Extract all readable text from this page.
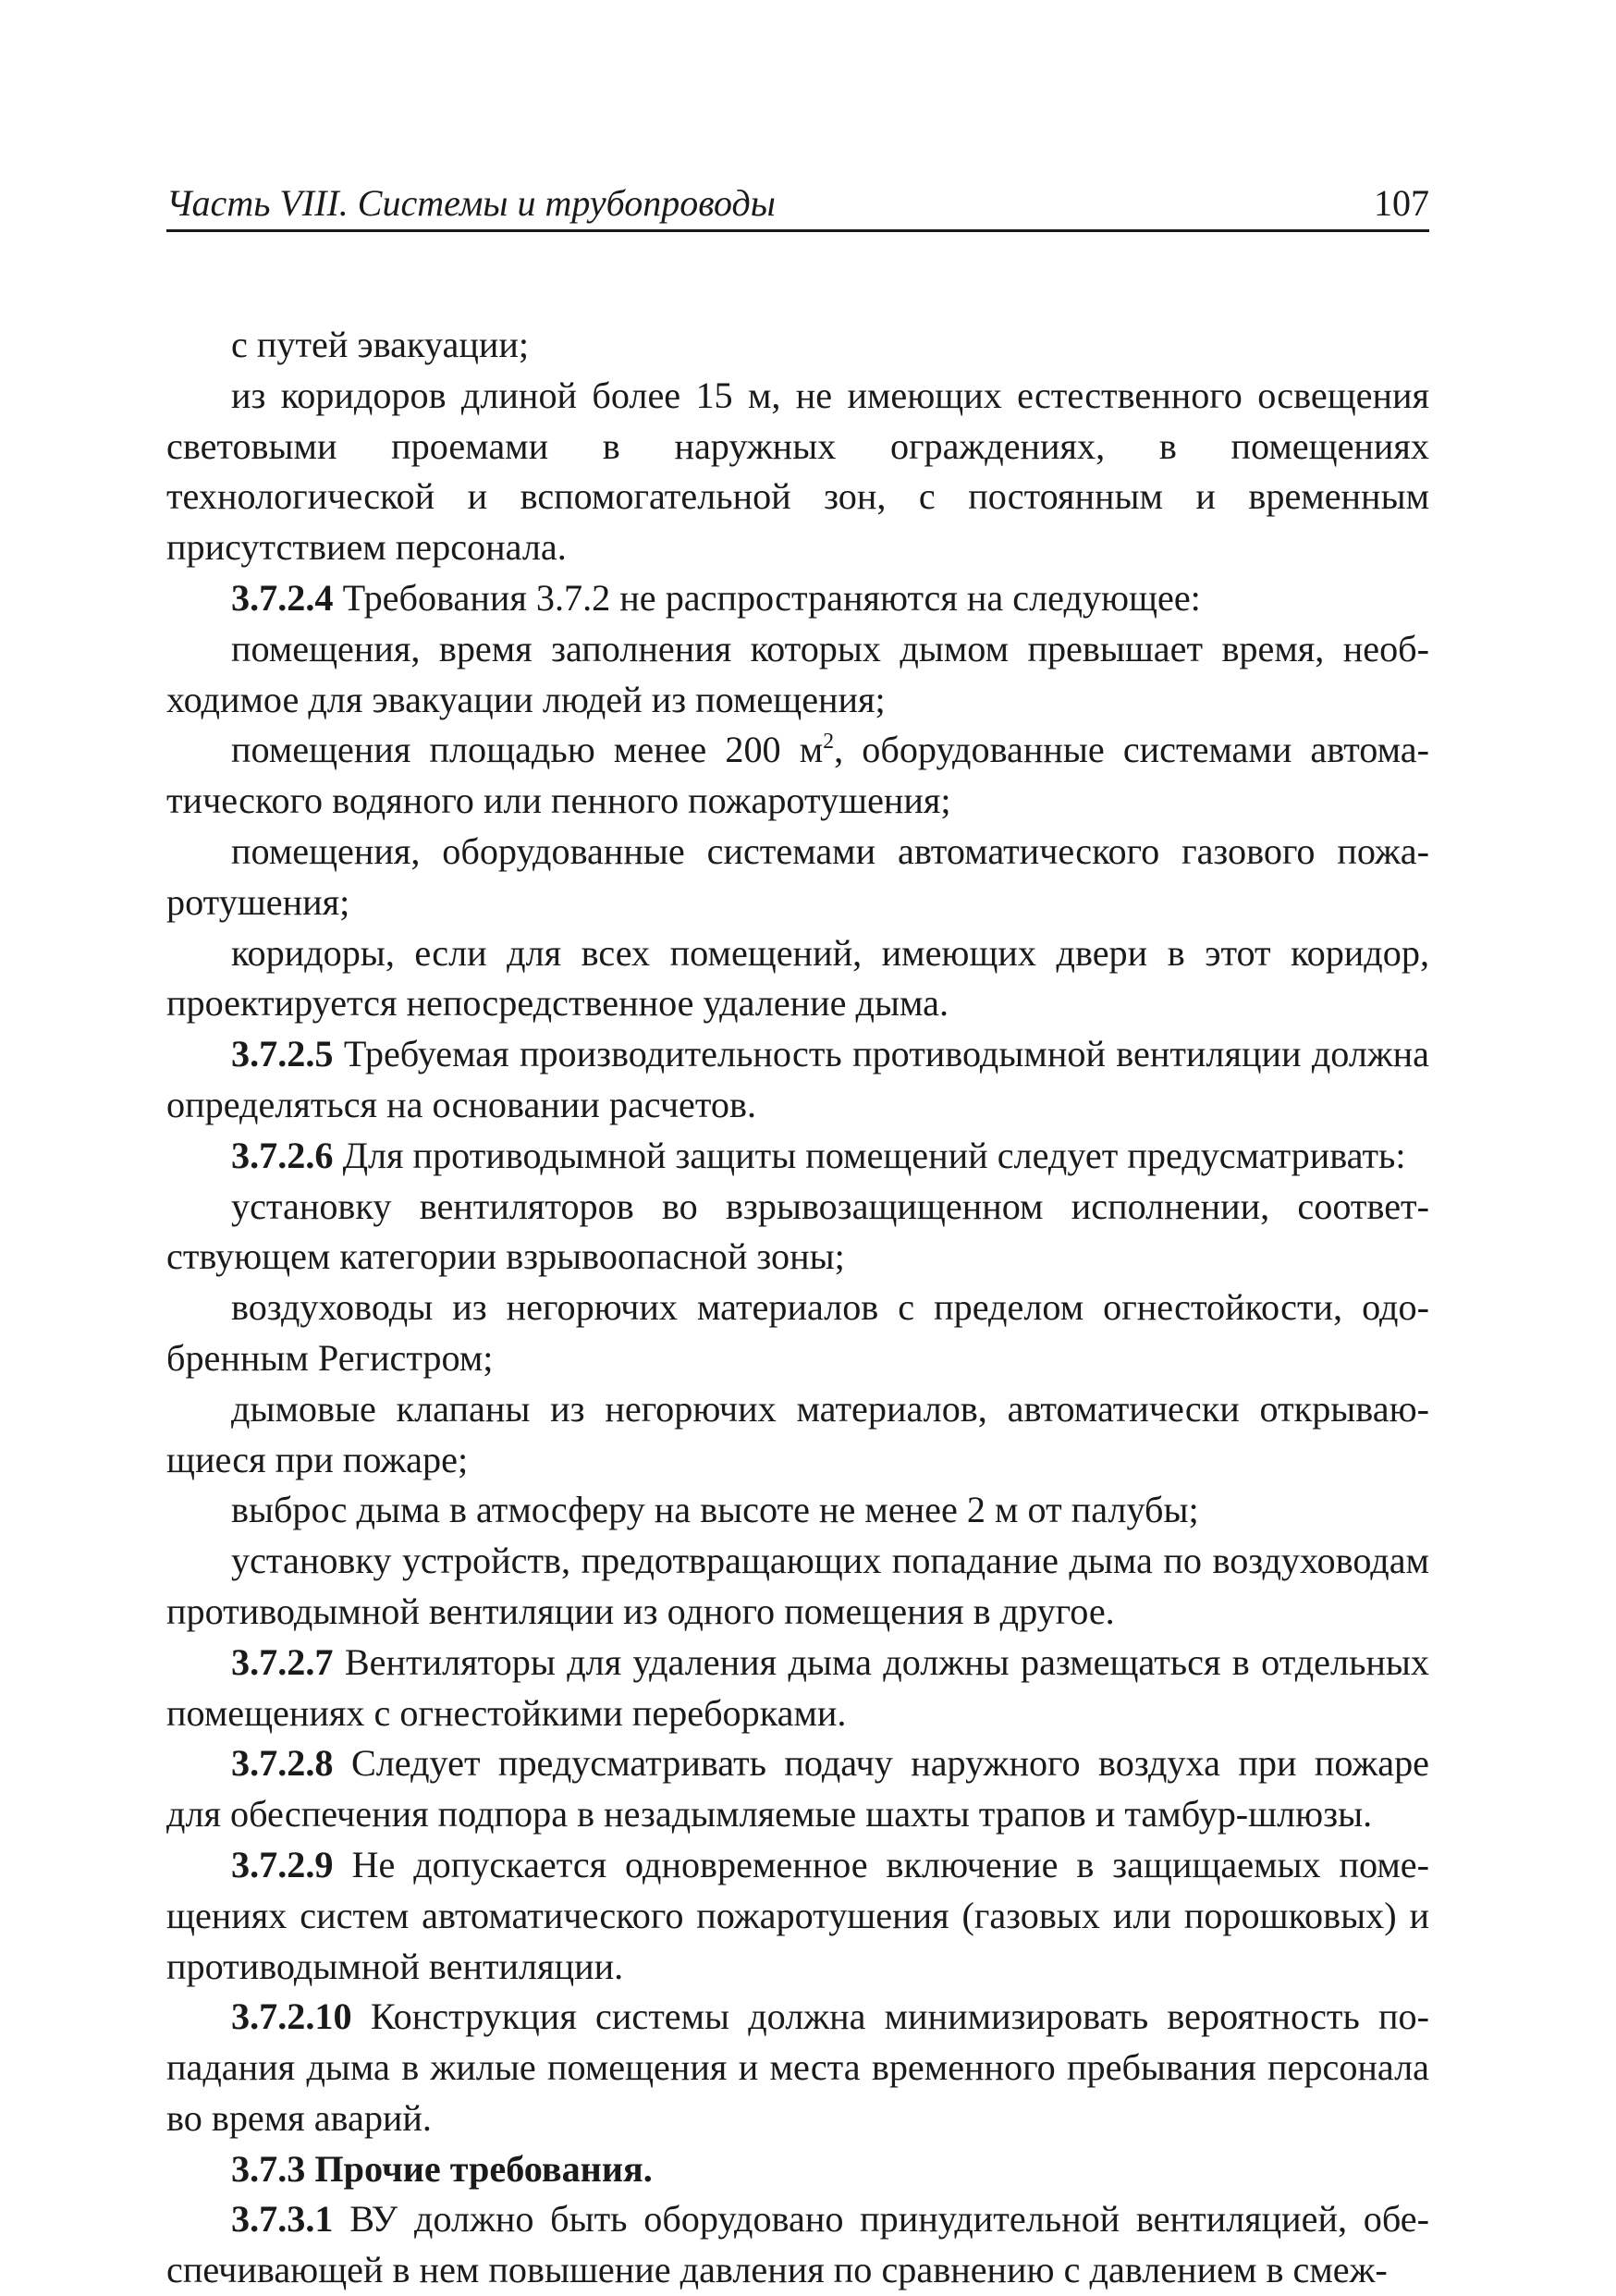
Часть VIII. Системы и трубопроводы	107

с путей эвакуации;

из коридоров длиной более 15 м, не имеющих естественного освещения световыми проемами в наружных ограждениях, в помещениях технологической и вспомогательной зон, с постоянным и временным присутствием персонала.

3.7.2.4 Требования 3.7.2 не распространяются на следующее:

помещения, время заполнения которых дымом превышает время, необходимое для эвакуации людей из помещения;

помещения площадью менее 200 $м^2$, оборудованные системами автоматического водяного или пенного пожаротушения;

помещения, оборудованные системами автоматического газового пожаротушения;

коридоры, если для всех помещений, имеющих двери в этот коридор, проектируется непосредственное удаление дыма.

3.7.2.5 Требуемая производительность противодымной вентиляции должна определяться на основании расчетов.

3.7.2.6 Для противодымной защиты помещений следует предусматривать:

установку вентиляторов во взрывозащищенном исполнении, соответствующем категории взрывоопасной зоны;

воздуховоды из негорючих материалов с пределом огнестойкости, одобренным Регистром;

дымовые клапаны из негорючих материалов, автоматически открывающиеся при пожаре;

выброс дыма в атмосферу на высоте не менее 2 м от палубы;

установку устройств, предотвращающих попадание дыма по воздуховодам противодымной вентиляции из одного помещения в другое.

3.7.2.7 Вентиляторы для удаления дыма должны размещаться в отдельных помещениях с огнестойкими переборками.

3.7.2.8 Следует предусматривать подачу наружного воздуха при пожаре для обеспечения подпора в незадымляемые шахты трапов и тамбур-шлюзы.

3.7.2.9 Не допускается одновременное включение в защищаемых помещениях систем автоматического пожаротушения (газовых или порошковых) и противодымной вентиляции.

3.7.2.10 Конструкция системы должна минимизировать вероятность попадания дыма в жилые помещения и места временного пребывания персонала во время аварий.

3.7.3 Прочие требования.

3.7.3.1 ВУ должно быть оборудовано принудительной вентиляцией, обеспечивающей в нем повышение давления по сравнению с давлением в смеж-
